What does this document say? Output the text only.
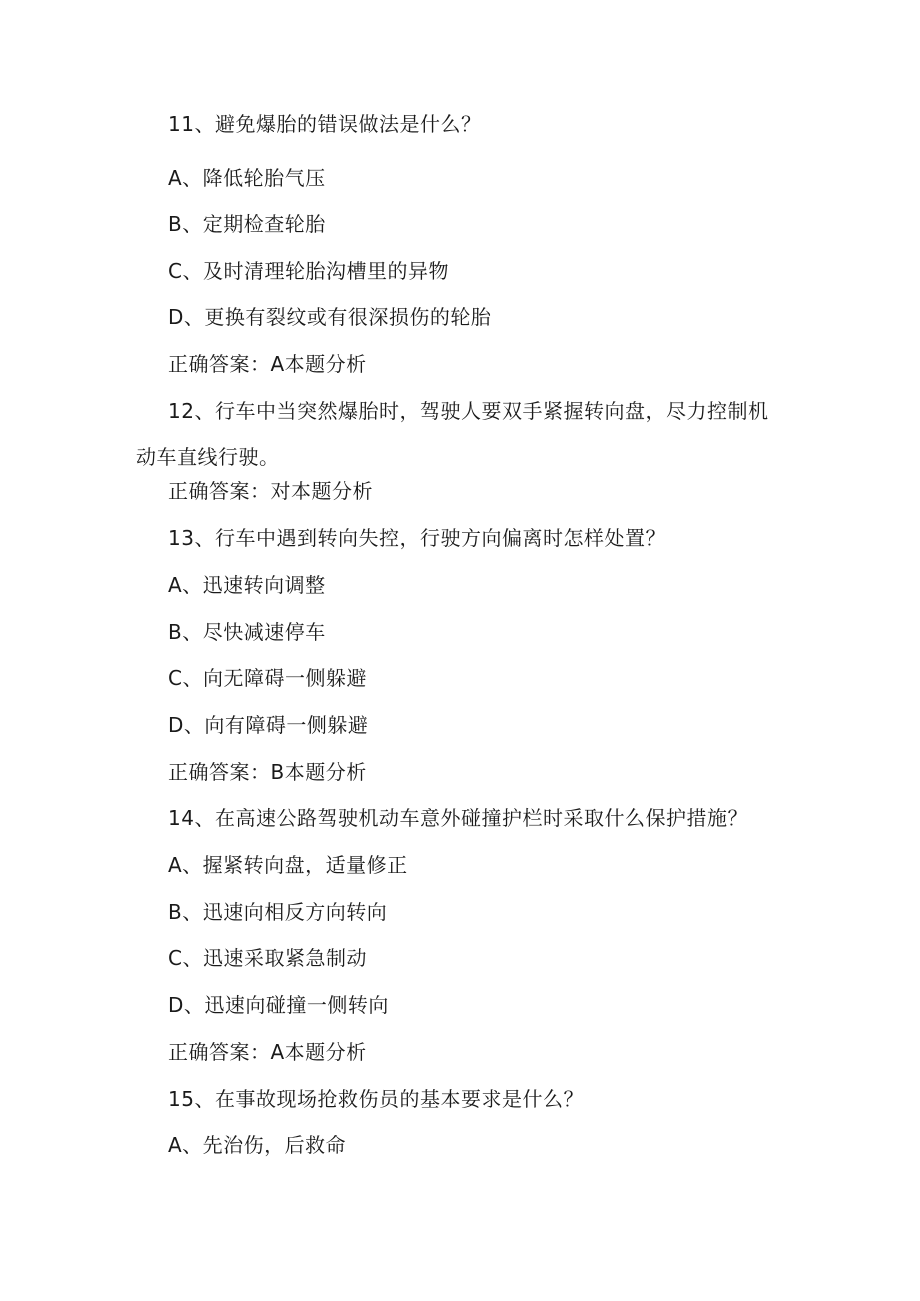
11、避免爆胎的错误做法是什么？
A、降低轮胎气压
B、定期检查轮胎
C、及时清理轮胎沟槽里的异物
D、更换有裂纹或有很深损伤的轮胎
正确答案：A本题分析
12、行车中当突然爆胎时，驾驶人要双手紧握转向盘，尽力控制机动车直线行驶。
正确答案：对本题分析
13、行车中遇到转向失控，行驶方向偏离时怎样处置？
A、迅速转向调整
B、尽快减速停车
C、向无障碍一侧躲避
D、向有障碍一侧躲避
正确答案：B本题分析
14、在高速公路驾驶机动车意外碰撞护栏时采取什么保护措施？
A、握紧转向盘，适量修正
B、迅速向相反方向转向
C、迅速采取紧急制动
D、迅速向碰撞一侧转向
正确答案：A本题分析
15、在事故现场抢救伤员的基本要求是什么？
A、先治伤，后救命
